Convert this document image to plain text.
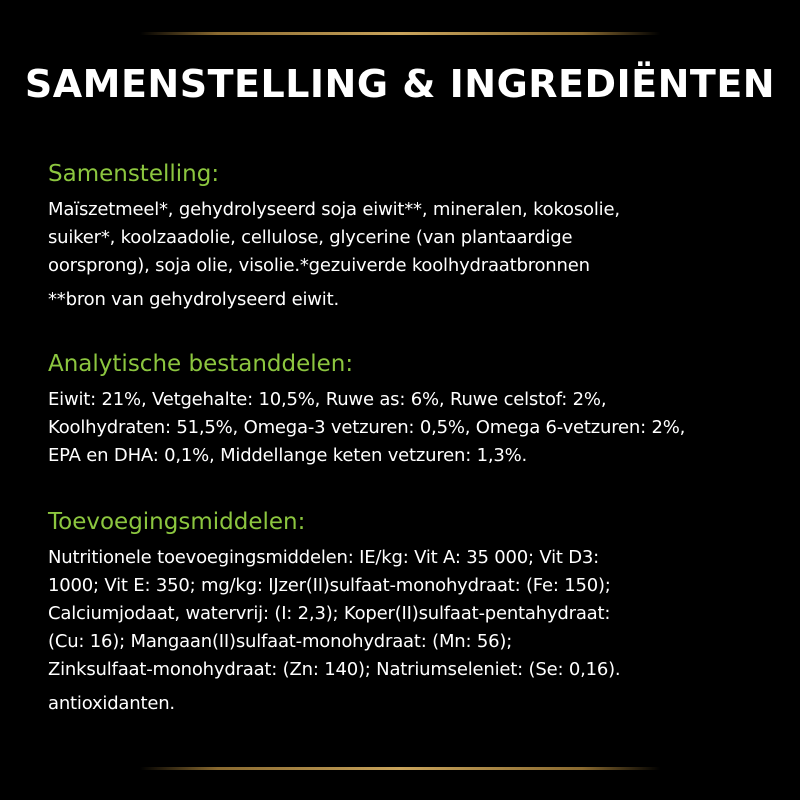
SAMENSTELLING & INGREDIËNTEN
Samenstelling:
Maïszetmeel*, gehydrolyseerd soja eiwit**, mineralen, kokosolie,
suiker*, koolzaadolie, cellulose, glycerine (van plantaardige
oorsprong), soja olie, visolie.*gezuiverde koolhydraatbronnen
**bron van gehydrolyseerd eiwit.
Analytische bestanddelen:
Eiwit: 21%, Vetgehalte: 10,5%, Ruwe as: 6%, Ruwe celstof: 2%,
Koolhydraten: 51,5%, Omega-3 vetzuren: 0,5%, Omega 6-vetzuren: 2%,
EPA en DHA: 0,1%, Middellange keten vetzuren: 1,3%.
Toevoegingsmiddelen:
Nutritionele toevoegingsmiddelen: IE/kg: Vit A: 35 000; Vit D3:
1000; Vit E: 350; mg/kg: IJzer(II)sulfaat-monohydraat: (Fe: 150);
Calciumjodaat, watervrij: (I: 2,3); Koper(II)sulfaat-pentahydraat:
(Cu: 16); Mangaan(II)sulfaat-monohydraat: (Mn: 56);
Zinksulfaat-monohydraat: (Zn: 140); Natriumseleniet: (Se: 0,16).
antioxidanten.
